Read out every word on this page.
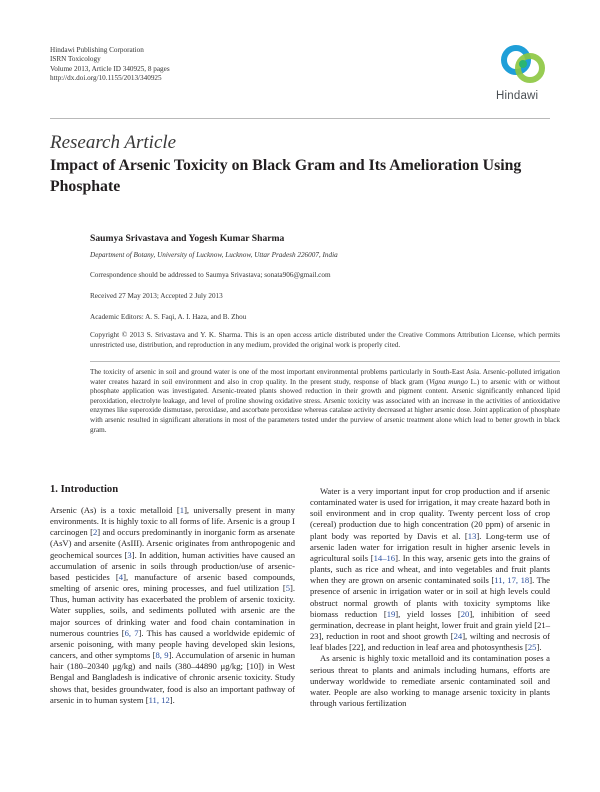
Hindawi Publishing Corporation
ISRN Toxicology
Volume 2013, Article ID 340925, 8 pages
http://dx.doi.org/10.1155/2013/340925
Hindawi
Research Article
Impact of Arsenic Toxicity on Black Gram and Its Amelioration Using Phosphate
Saumya Srivastava and Yogesh Kumar Sharma
Department of Botany, University of Lucknow, Lucknow, Uttar Pradesh 226007, India
Correspondence should be addressed to Saumya Srivastava; sonata906@gmail.com
Received 27 May 2013; Accepted 2 July 2013
Academic Editors: A. S. Faqi, A. I. Haza, and B. Zhou
Copyright © 2013 S. Srivastava and Y. K. Sharma. This is an open access article distributed under the Creative Commons Attribution License, which permits unrestricted use, distribution, and reproduction in any medium, provided the original work is properly cited.
The toxicity of arsenic in soil and ground water is one of the most important environmental problems particularly in South-East Asia. Arsenic-polluted irrigation water creates hazard in soil environment and also in crop quality. In the present study, response of black gram (Vigna mungo L.) to arsenic with or without phosphate application was investigated. Arsenic-treated plants showed reduction in their growth and pigment content. Arsenic significantly enhanced lipid peroxidation, electrolyte leakage, and level of proline showing oxidative stress. Arsenic toxicity was associated with an increase in the activities of antioxidative enzymes like superoxide dismutase, peroxidase, and ascorbate peroxidase whereas catalase activity decreased at higher arsenic dose. Joint application of phosphate with arsenic resulted in significant alterations in most of the parameters tested under the purview of arsenic treatment alone which lead to better growth in black gram.
1. Introduction

Arsenic (As) is a toxic metalloid [1], universally present in many environments. It is highly toxic to all forms of life. Arsenic is a group I carcinogen [2] and occurs predominantly in inorganic form as arsenate (AsV) and arsenite (AsIII). Arsenic originates from anthropogenic and geochemical sources [3]. In addition, human activities have caused an accumulation of arsenic in soils through production/use of arsenic-based pesticides [4], manufacture of arsenic based compounds, smelting of arsenic ores, mining processes, and fuel utilization [5]. Thus, human activity has exacerbated the problem of arsenic toxicity. Water supplies, soils, and sediments polluted with arsenic are the major sources of drinking water and food chain contamination in numerous countries [6, 7]. This has caused a worldwide epidemic of arsenic poisoning, with many people having developed skin lesions, cancers, and other symptoms [8, 9]. Accumulation of arsenic in human hair (180–20340 μg/kg) and nails (380–44890 μg/kg; [10]) in West Bengal and Bangladesh is indicative of chronic arsenic toxicity. Study shows that, besides groundwater, food is also an important pathway of arsenic in to human system [11, 12].

Water is a very important input for crop production and if arsenic contaminated water is used for irrigation, it may create hazard both in soil environment and in crop quality. Twenty percent loss of crop (cereal) production due to high concentration (20 ppm) of arsenic in plant body was reported by Davis et al. [13]. Long-term use of arsenic laden water for irrigation result in higher arsenic levels in agricultural soils [14–16]. In this way, arsenic gets into the grains of plants, such as rice and wheat, and into vegetables and fruit plants when they are grown on arsenic contaminated soils [11, 17, 18]. The presence of arsenic in irrigation water or in soil at high levels could obstruct normal growth of plants with toxicity symptoms like biomass reduction [19], yield losses [20], inhibition of seed germination, decrease in plant height, lower fruit and grain yield [21–23], reduction in root and shoot growth [24], wilting and necrosis of leaf blades [22], and reduction in leaf area and photosynthesis [25].

As arsenic is highly toxic metalloid and its contamination poses a serious threat to plants and animals including humans, efforts are underway worldwide to remediate arsenic contaminated soil and water. People are also working to manage arsenic toxicity in plants through various fertilization
